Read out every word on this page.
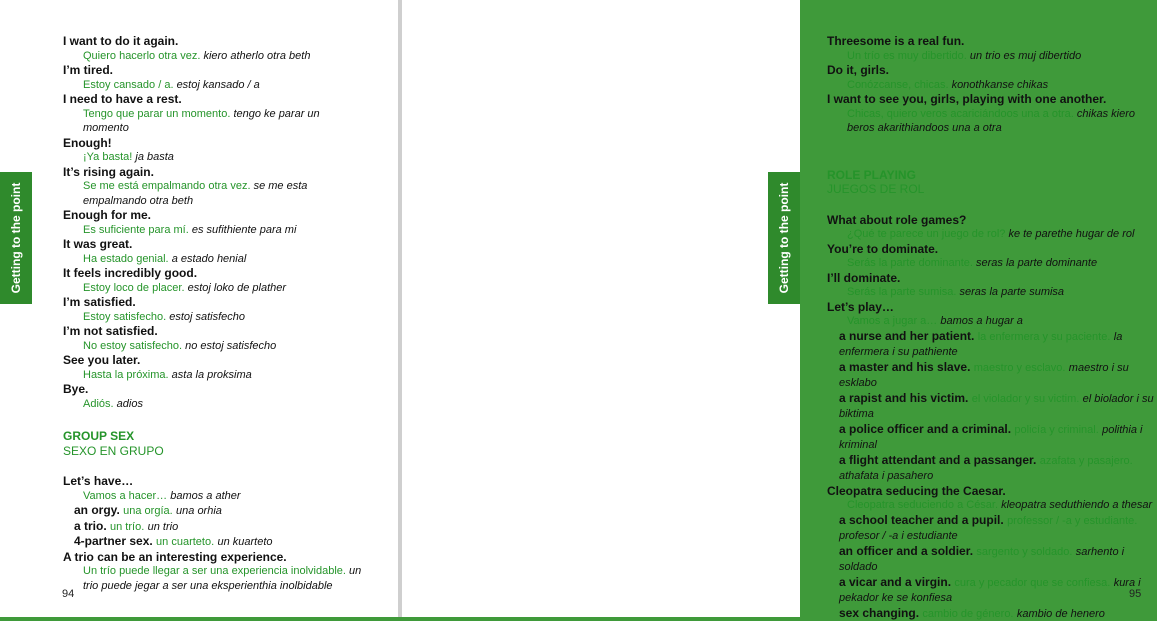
Getting to the point
I want to do it again.
Quiero hacerlo otra vez. kiero atherlo otra beth
I’m tired.
Estoy cansado / a. estoj kansado / a
I need to have a rest.
Tengo que parar un momento. tengo ke parar un momento
Enough!
¡Ya basta! ja basta
It’s rising again.
Se me está empalmando otra vez. se me esta empalmando otra beth
Enough for me.
Es suficiente para mí. es sufithiente para mi
It was great.
Ha estado genial. a estado henial
It feels incredibly good.
Estoy loco de placer. estoj loko de plather
I’m satisfied.
Estoy satisfecho. estoj satisfecho
I’m not satisfied.
No estoy satisfecho. no estoj satisfecho
See you later.
Hasta la próxima. asta la proksima
Bye.
Adiós. adios
GROUP SEX
SEXO EN GRUPO
Let’s have…
Vamos a hacer… bamos a ather
an orgy. una orgía. una orhia
a trio. un trío. un trio
4-partner sex. un cuarteto. un kuarteto
A trio can be an interesting experience.
Un trío puede llegar a ser una experiencia inolvidable. un trio puede jegar a ser una eksperienthia inolbidable
94
Getting to the point
Threesome is a real fun.
Un trío es muy dibertido. un trio es muj dibertido
Do it, girls.
Conózcanse, chicas. konothkanse chikas
I want to see you, girls, playing with one another.
Chicas, quiero veros acariciándoos una a otra. chikas kiero beros akarithiandoos una a otra
ROLE PLAYING
JUEGOS DE ROL
What about role games?
¿Qué te parece un juego de rol? ke te parethe hugar de rol
You’re to dominate.
Serás la parte dominante. seras la parte dominante
I’ll dominate.
Serás la parte sumisa. seras la parte sumisa
Let’s play…
Vamos a jugar a… bamos a hugar a
a nurse and her patient. la enfermera y su paciente. la enfermera i su pathiente
a master and his slave. maestro y esclavo. maestro i su esklabo
a rapist and his victim. el violador y su victim. el biolador i su biktima
a police officer and a criminal. policía y criminal. polithia i kriminal
a flight attendant and a passanger. azafata y pasajero. athafata i pasahero
Cleopatra seducing the Caesar.
Cleopatra seduciendo a César. kleopatra seduthiendo a thesar
a school teacher and a pupil. professor / -a y estudiante. profesor / -a i estudiante
an officer and a soldier. sargento y soldado. sarhento i soldado
a vicar and a virgin. cura y pecador que se confiesa. kura i pekador ke se konfiesa
sex changing. cambio de género. kambio de henero
95
